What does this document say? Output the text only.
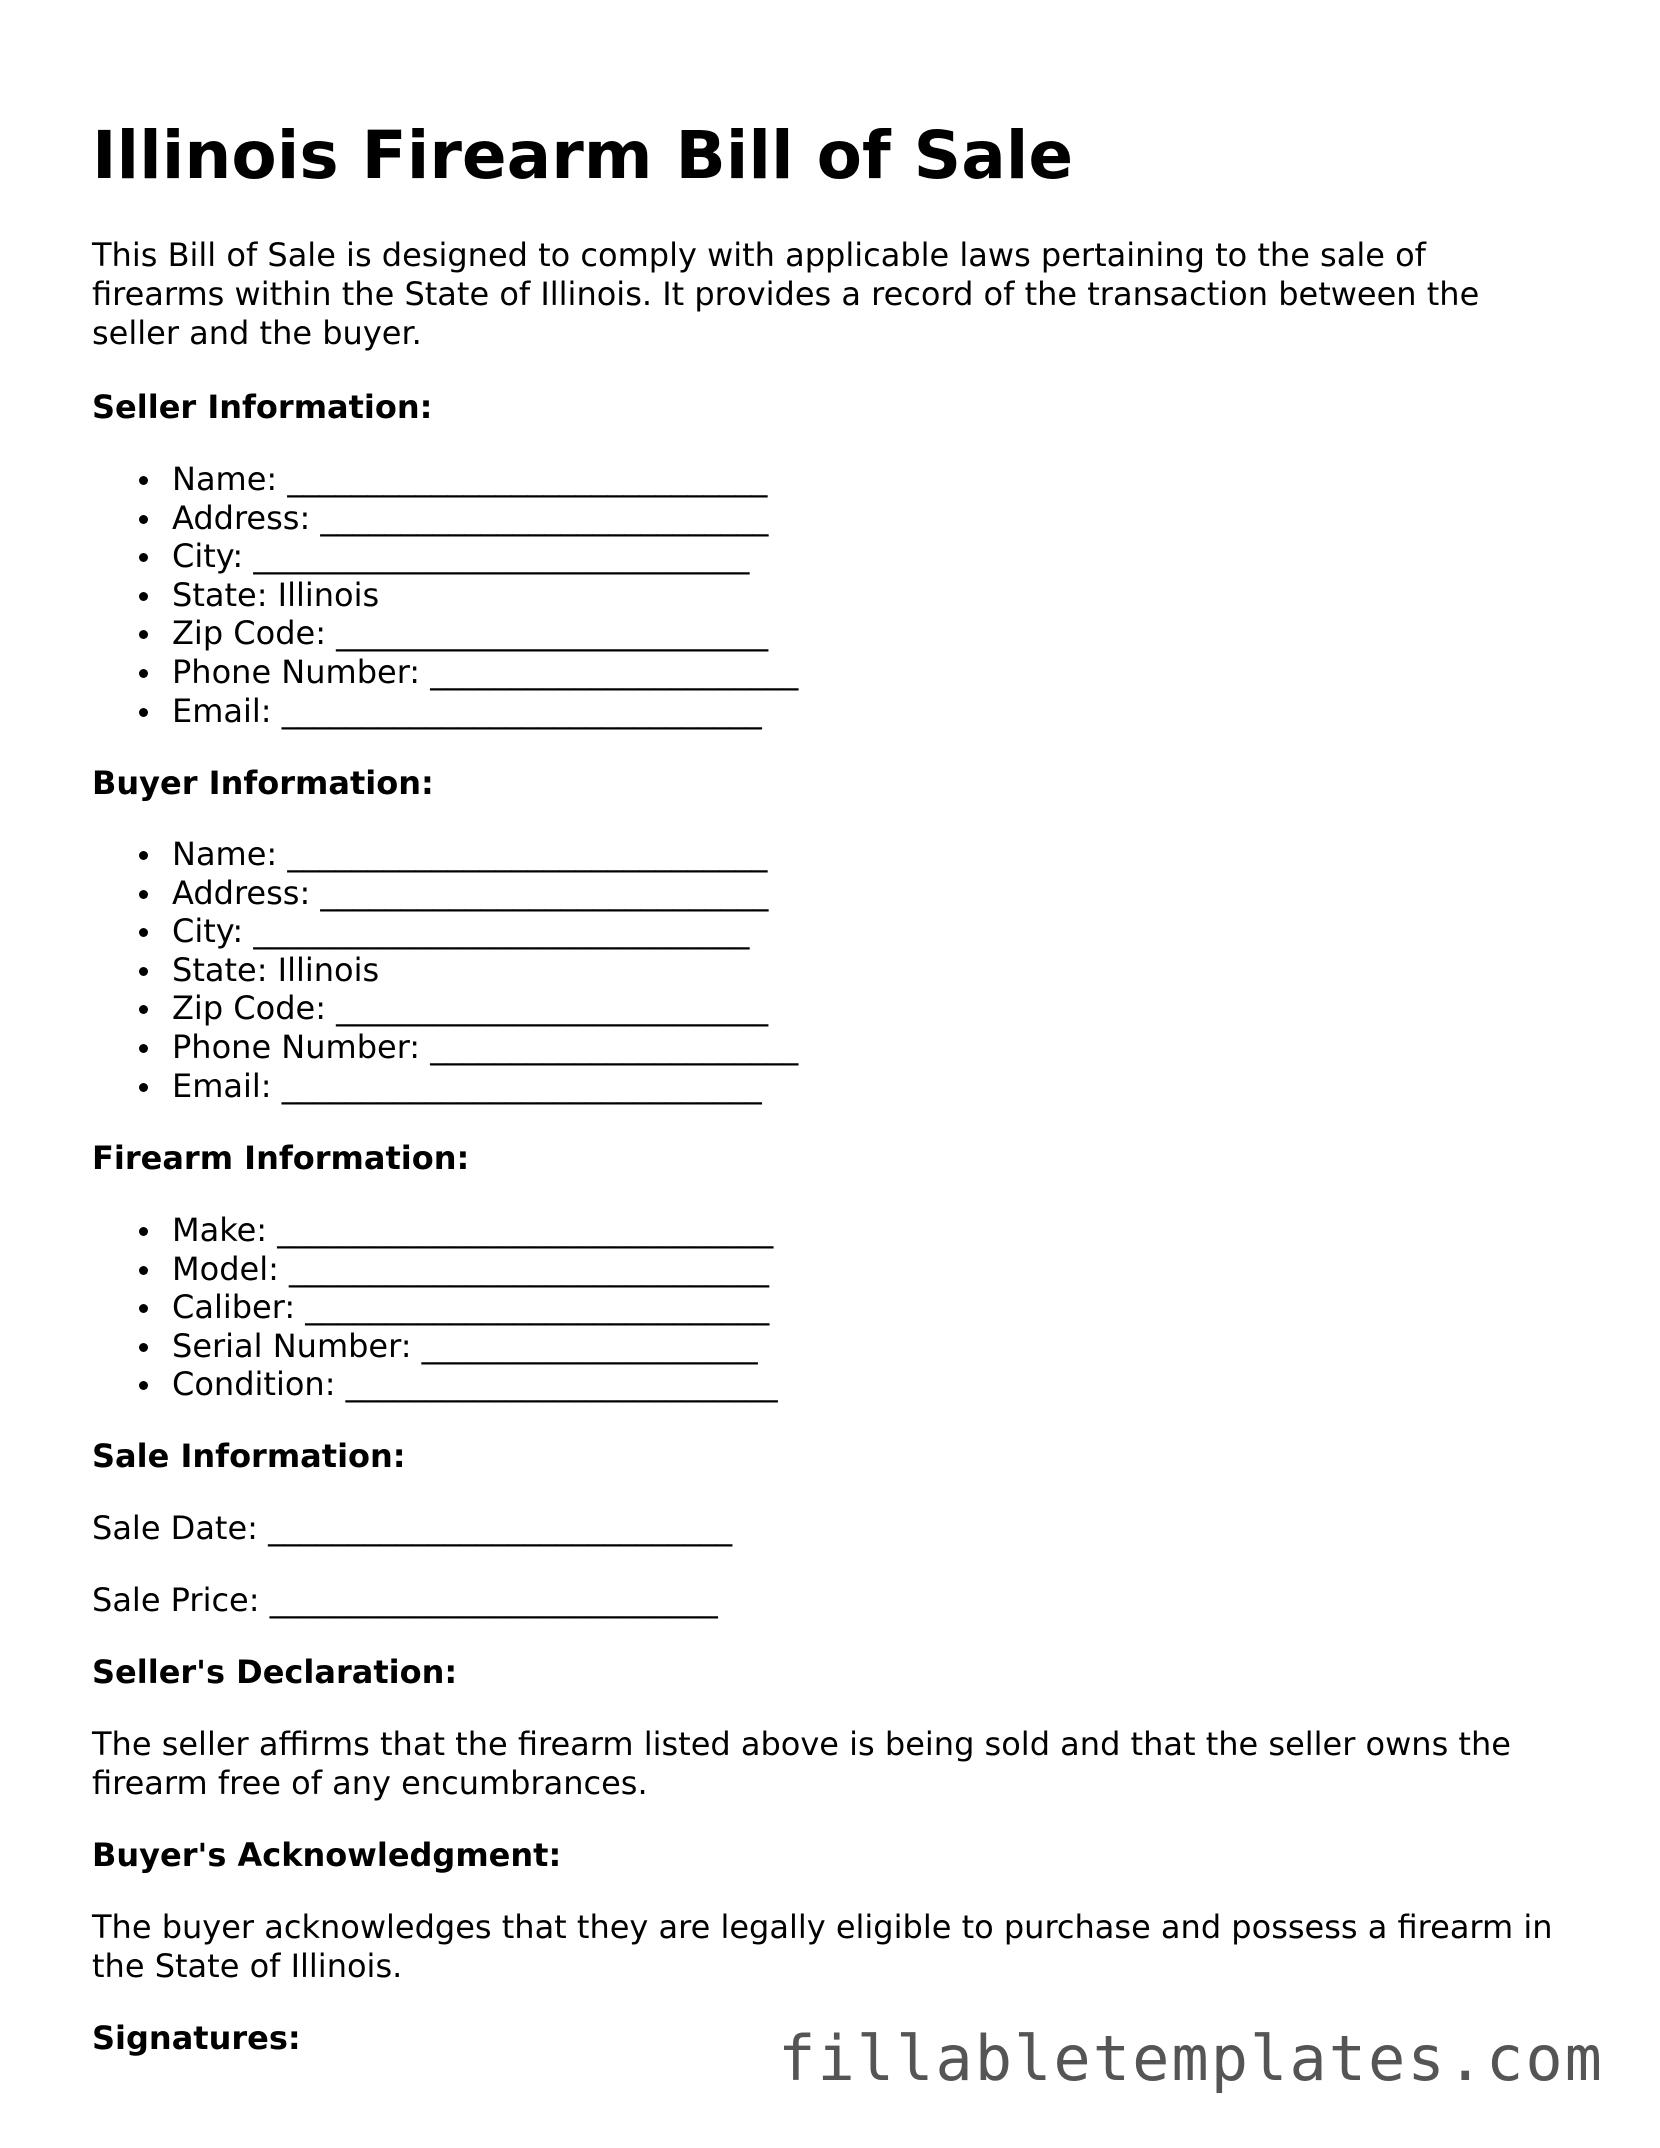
Illinois Firearm Bill of Sale

This Bill of Sale is designed to comply with applicable laws pertaining to the sale of firearms within the State of Illinois. It provides a record of the transaction between the seller and the buyer.

Seller Information:

Name: ______________________________
Address: ____________________________
City: _______________________________
State: Illinois
Zip Code: ___________________________
Phone Number: _______________________
Email: ______________________________

Buyer Information:

Name: ______________________________
Address: ____________________________
City: _______________________________
State: Illinois
Zip Code: ___________________________
Phone Number: _______________________
Email: ______________________________

Firearm Information:

Make: _______________________________
Model: ______________________________
Caliber: _____________________________
Serial Number: _____________________
Condition: ___________________________

Sale Information:

Sale Date: _____________________________

Sale Price: ____________________________

Seller's Declaration:

The seller affirms that the firearm listed above is being sold and that the seller owns the firearm free of any encumbrances.

Buyer's Acknowledgment:

The buyer acknowledges that they are legally eligible to purchase and possess a firearm in the State of Illinois.

Signatures:	fillabletemplates.com
